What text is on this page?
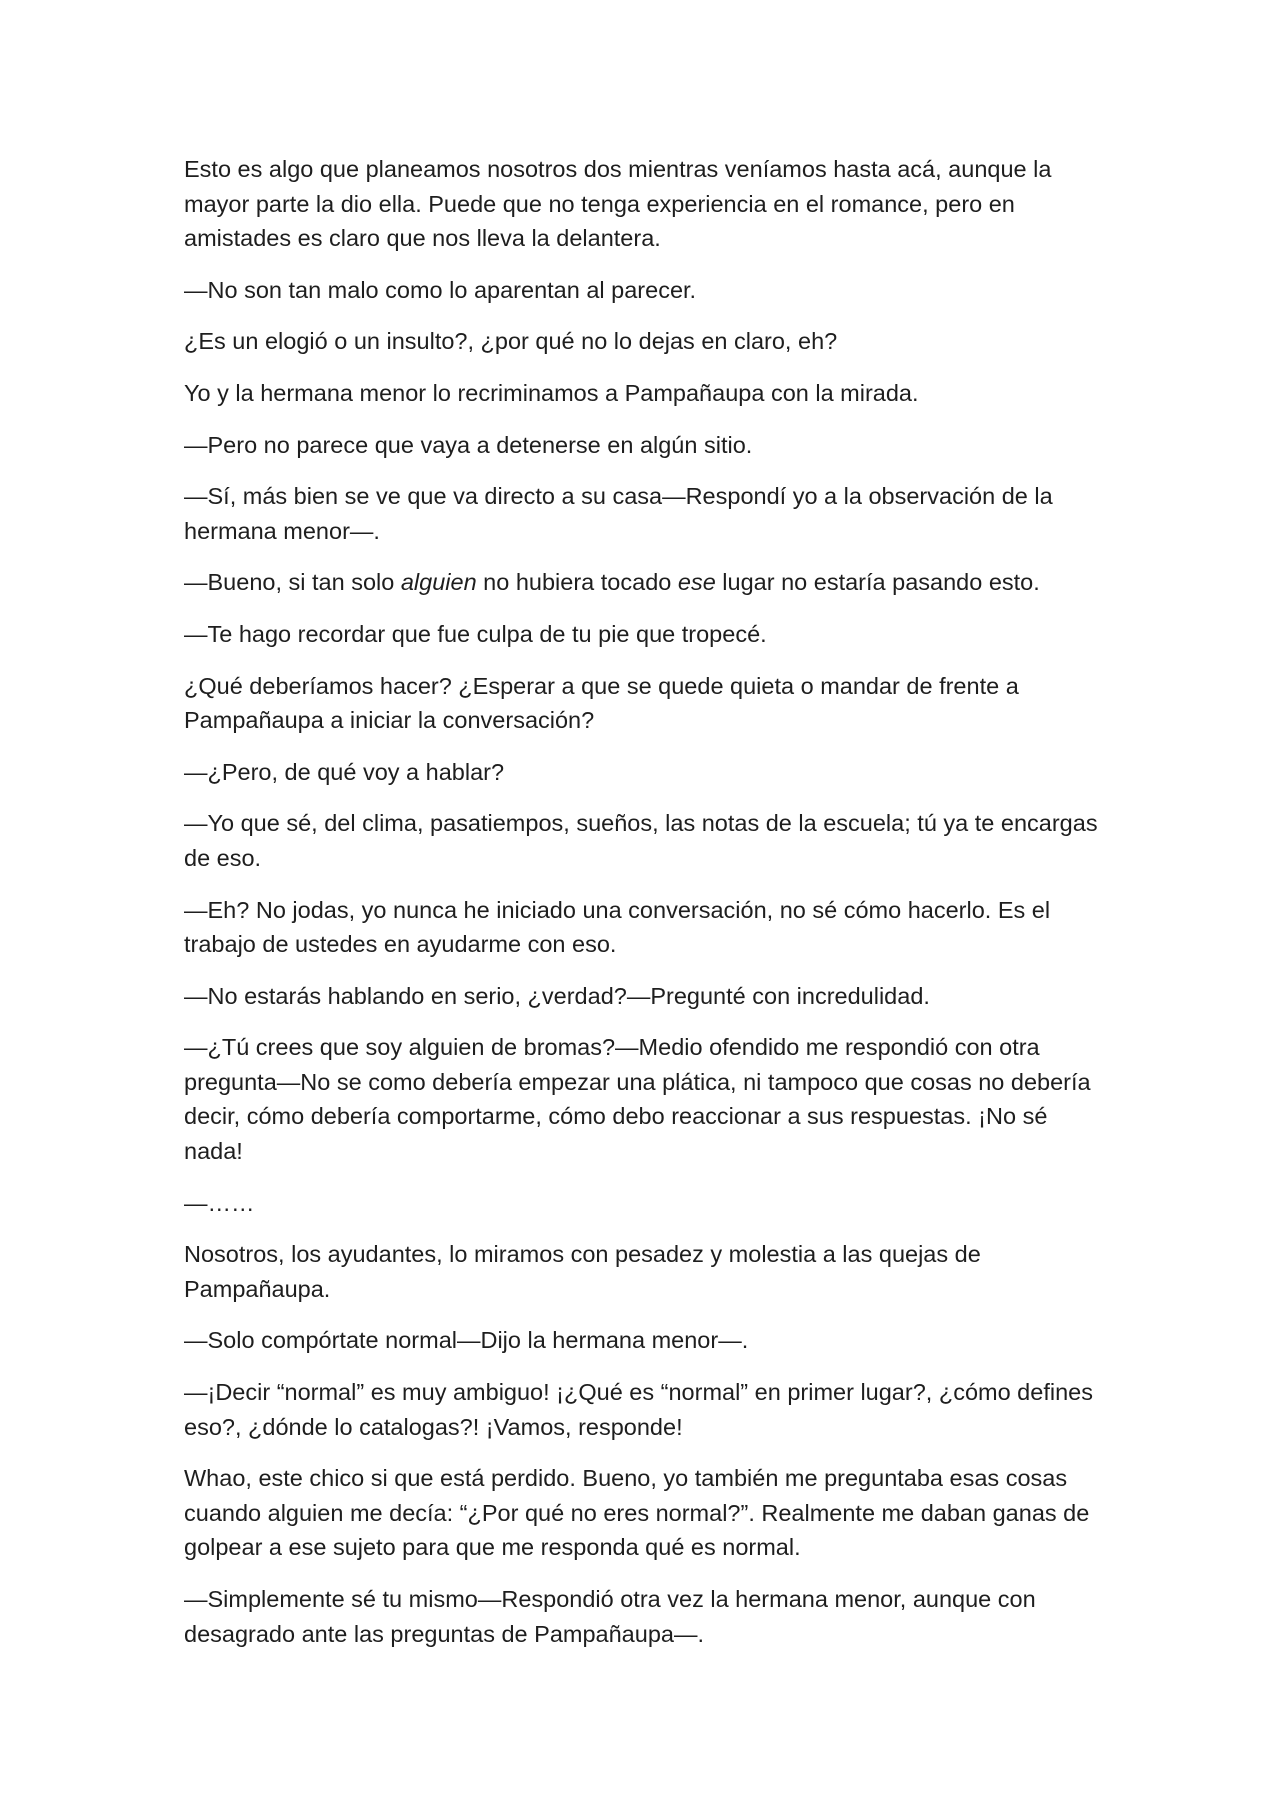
Esto es algo que planeamos nosotros dos mientras veníamos hasta acá, aunque la mayor parte la dio ella. Puede que no tenga experiencia en el romance, pero en amistades es claro que nos lleva la delantera.

—No son tan malo como lo aparentan al parecer.

¿Es un elogió o un insulto?, ¿por qué no lo dejas en claro, eh?

Yo y la hermana menor lo recriminamos a Pampañaupa con la mirada.

—Pero no parece que vaya a detenerse en algún sitio.

—Sí, más bien se ve que va directo a su casa—Respondí yo a la observación de la hermana menor—.

—Bueno, si tan solo alguien no hubiera tocado ese lugar no estaría pasando esto.

—Te hago recordar que fue culpa de tu pie que tropecé.

¿Qué deberíamos hacer? ¿Esperar a que se quede quieta o mandar de frente a Pampañaupa a iniciar la conversación?

—¿Pero, de qué voy a hablar?

—Yo que sé, del clima, pasatiempos, sueños, las notas de la escuela; tú ya te encargas de eso.

—Eh? No jodas, yo nunca he iniciado una conversación, no sé cómo hacerlo. Es el trabajo de ustedes en ayudarme con eso.

—No estarás hablando en serio, ¿verdad?—Pregunté con incredulidad.

—¿Tú crees que soy alguien de bromas?—Medio ofendido me respondió con otra pregunta—No se como debería empezar una plática, ni tampoco que cosas no debería decir, cómo debería comportarme, cómo debo reaccionar a sus respuestas. ¡No sé nada!

—……

Nosotros, los ayudantes, lo miramos con pesadez y molestia a las quejas de Pampañaupa.

—Solo compórtate normal—Dijo la hermana menor—.

—¡Decir “normal” es muy ambiguo! ¡¿Qué es “normal” en primer lugar?, ¿cómo defines eso?, ¿dónde lo catalogas?! ¡Vamos, responde!

Whao, este chico si que está perdido. Bueno, yo también me preguntaba esas cosas cuando alguien me decía: “¿Por qué no eres normal?”. Realmente me daban ganas de golpear a ese sujeto para que me responda qué es normal.

—Simplemente sé tu mismo—Respondió otra vez la hermana menor, aunque con desagrado ante las preguntas de Pampañaupa—.
